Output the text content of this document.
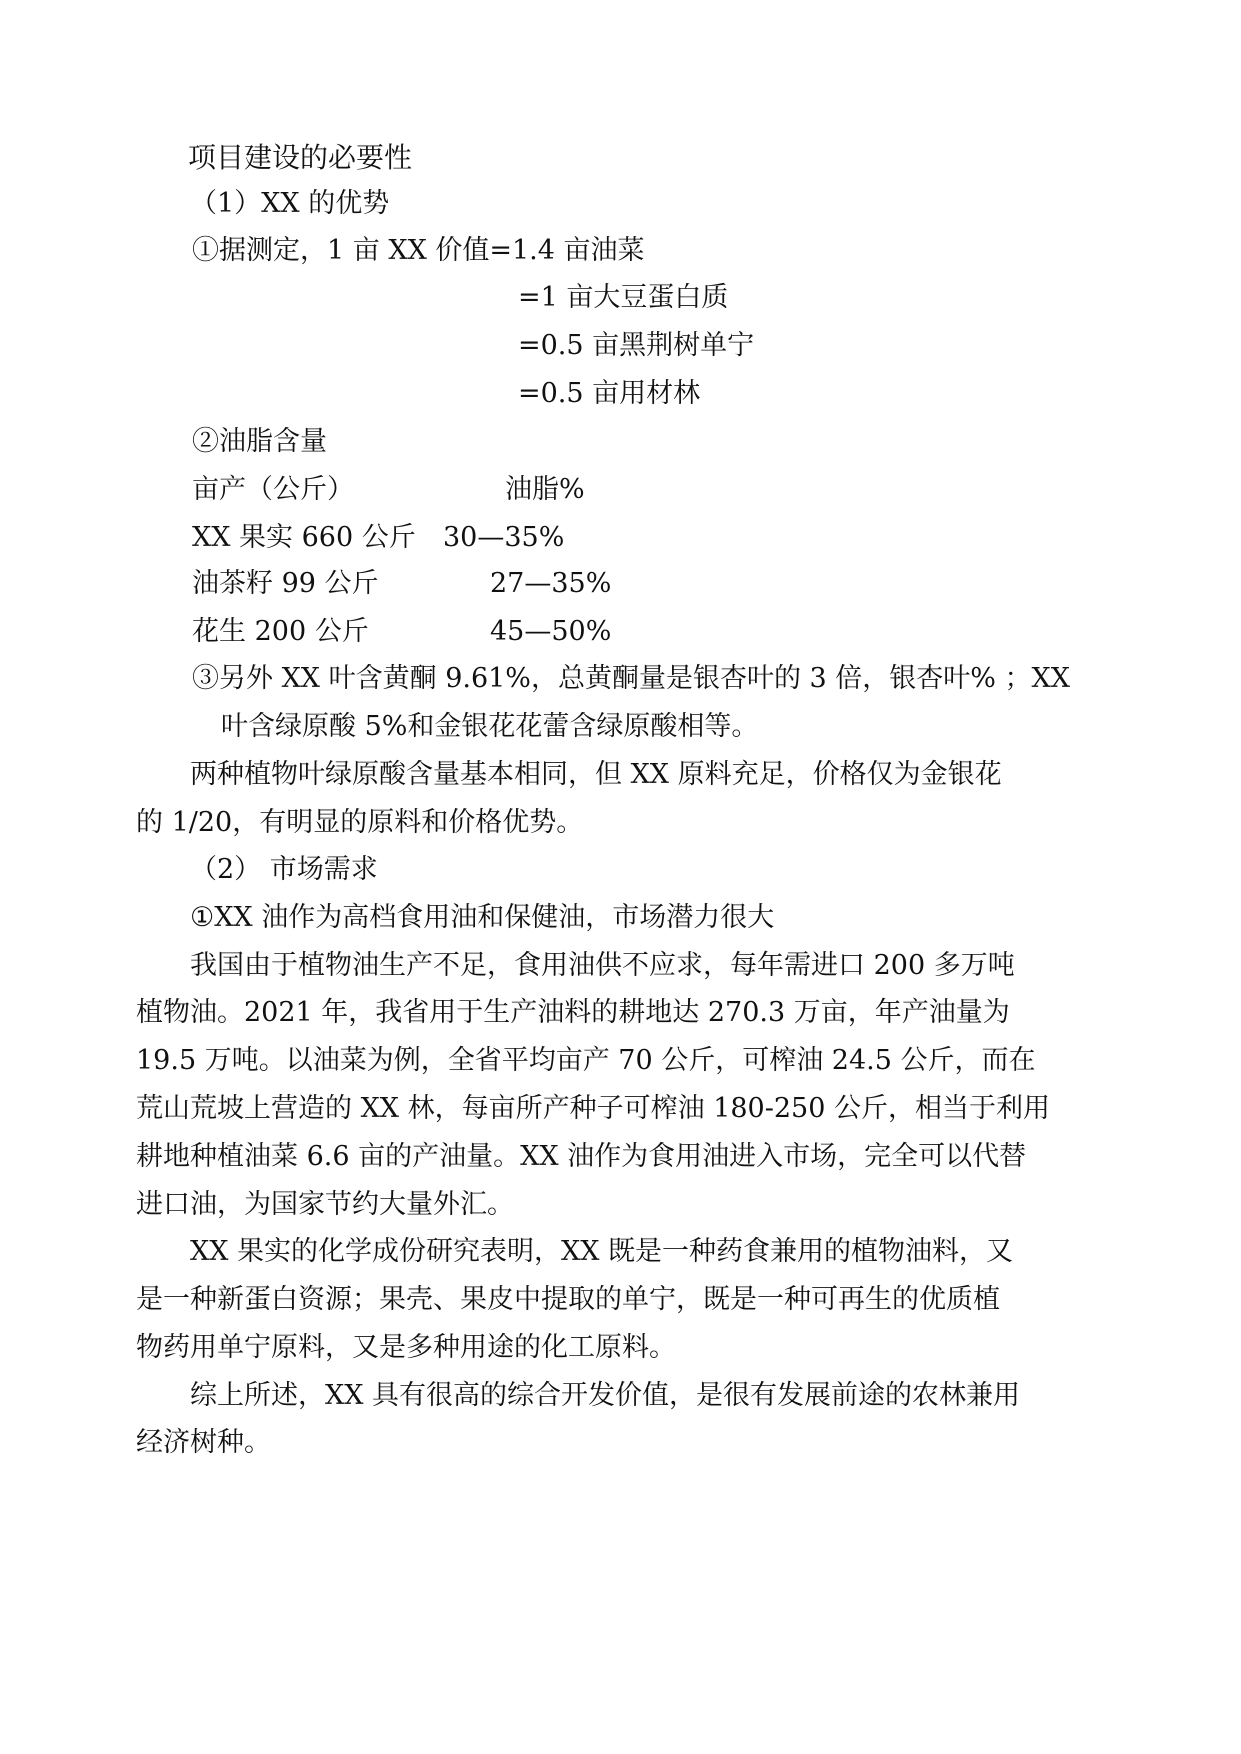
项目建设的必要性
（1）XX 的优势
①据测定，1 亩 XX 价值=1.4 亩油菜
=1 亩大豆蛋白质
=0.5 亩黑荆树单宁
=0.5 亩用材林
②油脂含量
亩产（公斤）	油脂%
XX 果实 660 公斤 30—35%
油茶籽 99 公斤	27—35%
花生 200 公斤	45—50%
③另外 XX 叶含黄酮 9.61%，总黄酮量是银杏叶的 3 倍，银杏叶% ；XX
叶含绿原酸 5%和金银花花蕾含绿原酸相等。
两种植物叶绿原酸含量基本相同，但 XX 原料充足，价格仅为金银花
的 1/20，有明显的原料和价格优势。
（2） 市场需求
①XX 油作为高档食用油和保健油，市场潜力很大
我国由于植物油生产不足，食用油供不应求，每年需进口 200 多万吨
植物油。2021 年，我省用于生产油料的耕地达 270.3 万亩，年产油量为
19.5 万吨。以油菜为例，全省平均亩产 70 公斤，可榨油 24.5 公斤，而在
荒山荒坡上营造的 XX 林，每亩所产种子可榨油 180-250 公斤，相当于利用
耕地种植油菜 6.6 亩的产油量。XX 油作为食用油进入市场，完全可以代替
进口油，为国家节约大量外汇。
XX 果实的化学成份研究表明，XX 既是一种药食兼用的植物油料，又
是一种新蛋白资源；果壳、果皮中提取的单宁，既是一种可再生的优质植
物药用单宁原料，又是多种用途的化工原料。
综上所述，XX 具有很高的综合开发价值，是很有发展前途的农林兼用
经济树种。
